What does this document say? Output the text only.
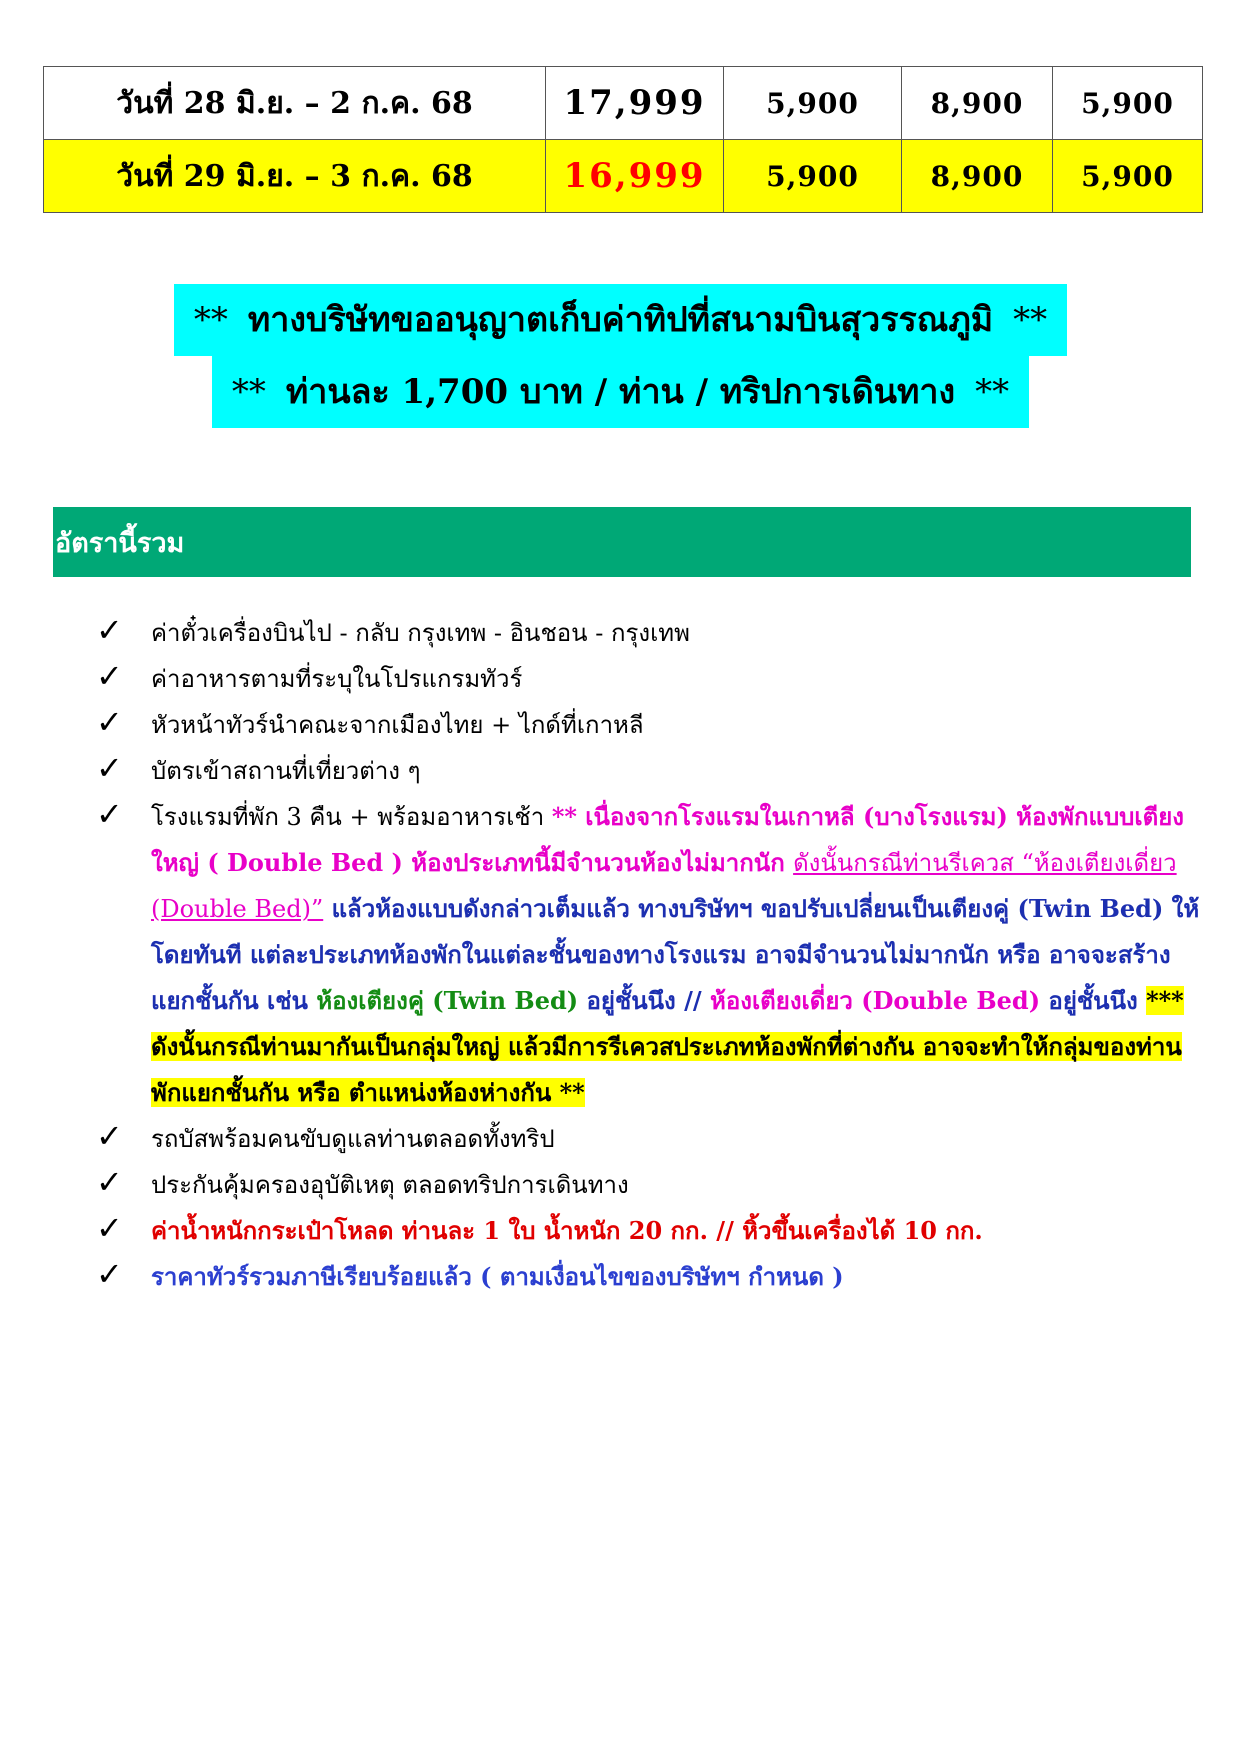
วันที่ 28 มิ.ย. – 2 ก.ค. 68	17,999	5,900	8,900	5,900
วันที่ 29 มิ.ย. – 3 ก.ค. 68	16,999	5,900	8,900	5,900
**ทางบริษัทขออนุญาตเก็บค่าทิปที่สนามบินสุวรรณภูมิ**
**ท่านละ 1,700 บาท / ท่าน / ทริปการเดินทาง**
อัตรานี้รวม
✓ ค่าตั๋วเครื่องบินไป - กลับ กรุงเทพ - อินชอน - กรุงเทพ
✓ ค่าอาหารตามที่ระบุในโปรแกรมทัวร์
✓ หัวหน้าทัวร์นำคณะจากเมืองไทย + ไกด์ที่เกาหลี
✓ บัตรเข้าสถานที่เที่ยวต่าง ๆ
✓ โรงแรมที่พัก 3 คืน + พร้อมอาหารเช้า ** เนื่องจากโรงแรมในเกาหลี (บางโรงแรม) ห้องพักแบบเตียงใหญ่ ( Double Bed ) ห้องประเภทนี้มีจำนวนห้องไม่มากนัก ดังนั้นกรณีท่านรีเควส “ห้องเตียงเดี่ยว (Double Bed)” แล้วห้องแบบดังกล่าวเต็มแล้ว ทางบริษัทฯ ขอปรับเปลี่ยนเป็นเตียงคู่ (Twin Bed) ให้โดยทันที แต่ละประเภทห้องพักในแต่ละชั้นของทางโรงแรม อาจมีจำนวนไม่มากนัก หรือ อาจจะสร้างแยกชั้นกัน เช่น ห้องเตียงคู่ (Twin Bed) อยู่ชั้นนึง // ห้องเตียงเดี่ยว (Double Bed) อยู่ชั้นนึง *** ดังนั้นกรณีท่านมากันเป็นกลุ่มใหญ่ แล้วมีการรีเควสประเภทห้องพักที่ต่างกัน อาจจะทำให้กลุ่มของท่านพักแยกชั้นกัน หรือ ตำแหน่งห้องห่างกัน **
✓ รถบัสพร้อมคนขับดูแลท่านตลอดทั้งทริป
✓ ประกันคุ้มครองอุบัติเหตุ ตลอดทริปการเดินทาง
✓ ค่าน้ำหนักกระเป๋าโหลด ท่านละ 1 ใบ น้ำหนัก 20 กก. // หิ้วขึ้นเครื่องได้ 10 กก.
✓ ราคาทัวร์รวมภาษีเรียบร้อยแล้ว ( ตามเงื่อนไขของบริษัทฯ กำหนด )
